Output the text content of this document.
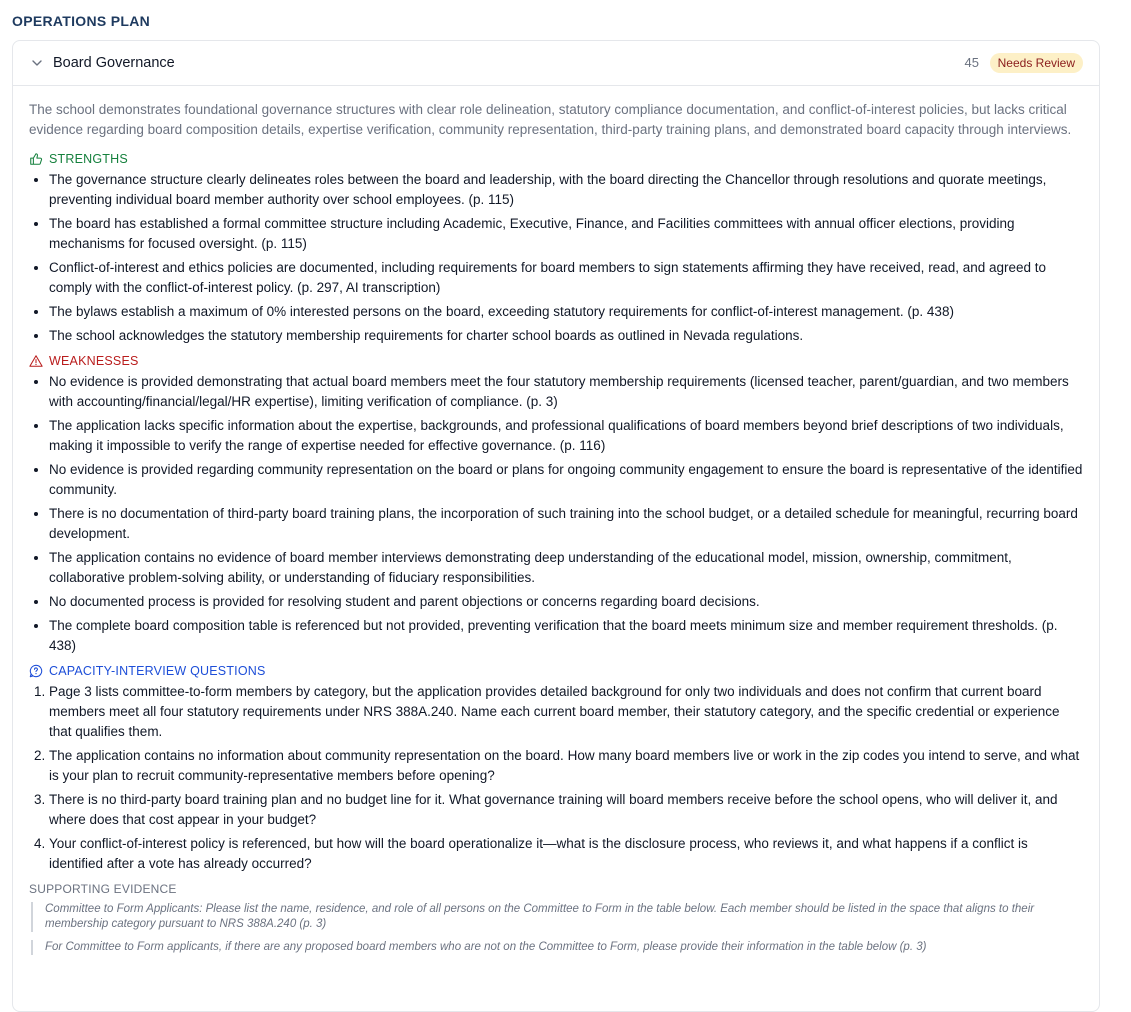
OPERATIONS PLAN
Board Governance	45	Needs Review

The school demonstrates foundational governance structures with clear role delineation, statutory compliance documentation, and conflict-of-interest policies, but lacks critical evidence regarding board composition details, expertise verification, community representation, third-party training plans, and demonstrated board capacity through interviews.

STRENGTHS
• The governance structure clearly delineates roles between the board and leadership, with the board directing the Chancellor through resolutions and quorate meetings, preventing individual board member authority over school employees. (p. 115)
• The board has established a formal committee structure including Academic, Executive, Finance, and Facilities committees with annual officer elections, providing mechanisms for focused oversight. (p. 115)
• Conflict-of-interest and ethics policies are documented, including requirements for board members to sign statements affirming they have received, read, and agreed to comply with the conflict-of-interest policy. (p. 297, AI transcription)
• The bylaws establish a maximum of 0% interested persons on the board, exceeding statutory requirements for conflict-of-interest management. (p. 438)
• The school acknowledges the statutory membership requirements for charter school boards as outlined in Nevada regulations.
WEAKNESSES
• No evidence is provided demonstrating that actual board members meet the four statutory membership requirements (licensed teacher, parent/guardian, and two members with accounting/financial/legal/HR expertise), limiting verification of compliance. (p. 3)
• The application lacks specific information about the expertise, backgrounds, and professional qualifications of board members beyond brief descriptions of two individuals, making it impossible to verify the range of expertise needed for effective governance. (p. 116)
• No evidence is provided regarding community representation on the board or plans for ongoing community engagement to ensure the board is representative of the identified community.
• There is no documentation of third-party board training plans, the incorporation of such training into the school budget, or a detailed schedule for meaningful, recurring board development.
• The application contains no evidence of board member interviews demonstrating deep understanding of the educational model, mission, ownership, commitment, collaborative problem-solving ability, or understanding of fiduciary responsibilities.
• No documented process is provided for resolving student and parent objections or concerns regarding board decisions.
• The complete board composition table is referenced but not provided, preventing verification that the board meets minimum size and member requirement thresholds. (p. 438)
CAPACITY-INTERVIEW QUESTIONS
1. Page 3 lists committee-to-form members by category, but the application provides detailed background for only two individuals and does not confirm that current board members meet all four statutory requirements under NRS 388A.240. Name each current board member, their statutory category, and the specific credential or experience that qualifies them.
2. The application contains no information about community representation on the board. How many board members live or work in the zip codes you intend to serve, and what is your plan to recruit community-representative members before opening?
3. There is no third-party board training plan and no budget line for it. What governance training will board members receive before the school opens, who will deliver it, and where does that cost appear in your budget?
4. Your conflict-of-interest policy is referenced, but how will the board operationalize it—what is the disclosure process, who reviews it, and what happens if a conflict is identified after a vote has already occurred?
SUPPORTING EVIDENCE
Committee to Form Applicants: Please list the name, residence, and role of all persons on the Committee to Form in the table below. Each member should be listed in the space that aligns to their membership category pursuant to NRS 388A.240 (p. 3)
For Committee to Form applicants, if there are any proposed board members who are not on the Committee to Form, please provide their information in the table below (p. 3)
